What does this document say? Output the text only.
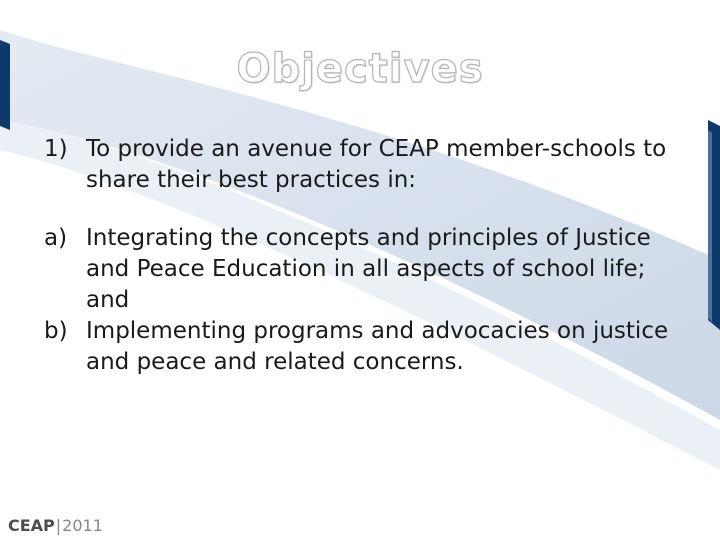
Objectives
1) To provide an avenue for CEAP member-schools to share their best practices in:
a) Integrating the concepts and principles of Justice and Peace Education in all aspects of school life; and
b) Implementing programs and advocacies on justice and peace and related concerns.
CEAP|2011
